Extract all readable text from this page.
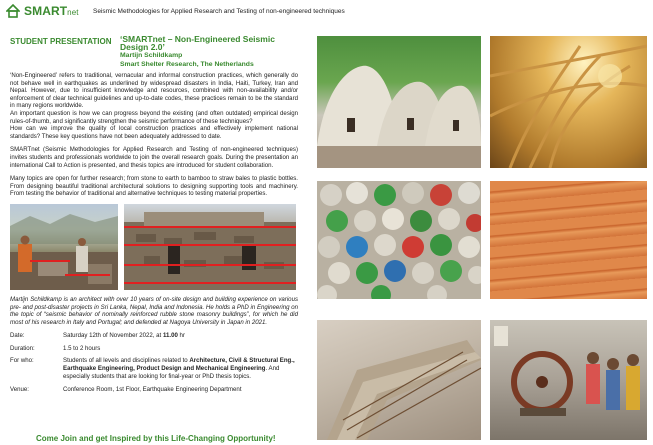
SMARTnet Seismic Methodologies for Applied Research and Testing of non-engineered techniques
STUDENT PRESENTATION ‘SMARTnet – Non-Engineered Seismic Design 2.0’
Martijn Schildkamp
Smart Shelter Research, The Netherlands

‘Non-Engineered’ refers to traditional, vernacular and informal construction practices, which generally do not behave well in earthquakes as underlined by widespread disasters in India, Haiti, Turkey, Iran and Nepal. However, due to insufficient knowledge and resources, combined with non-availability and/or enforcement of clear technical guidelines and up-to-date codes, these practices remain to be the standard in many regions worldwide.
An important question is how we can progress beyond the existing (and often outdated) empirical design rules-of-thumb, and significantly strengthen the seismic performance of these techniques?
How can we improve the quality of local construction practices and effectively implement national standards? These key questions have not been adequately addressed to date.

SMARTnet (Seismic Methodologies for Applied Research and Testing of non-engineered techniques) invites students and professionals worldwide to join the overall research goals. During the presentation an international Call to Action is presented, and thesis topics are introduced for student collaboration.

Many topics are open for further research; from stone to earth to bamboo to straw bales to plastic bottles. From designing beautiful traditional architectural solutions to designing supporting tools and machinery. From testing the behavior of traditional and alternative techniques to testing material properties.

Martijn Schildkamp is an architect with over 10 years of on-site design and building experience on various pre- and post-disaster projects in Sri Lanka, Nepal, India and Indonesia. He holds a PhD in Engineering on the topic of “seismic behavior of nominally reinforced rubble stone masonry buildings”, for which he did most of his research in Italy and Portugal; and defended at Nagoya University in Japan in 2021.

Date:	Saturday 12th of November 2022, at 11.00 hr
Duration:	1.5 to 2 hours
For who:	Students of all levels and disciplines related to Architecture, Civil & Structural Eng., Earthquake Engineering, Product Design and Mechanical Engineering. And especially students that are looking for final-year or PhD thesis topics.
Venue:	Conference Room, 1st Floor, Earthquake Engineering Department
Come Join and get Inspired by this Life-Changing Opportunity!
